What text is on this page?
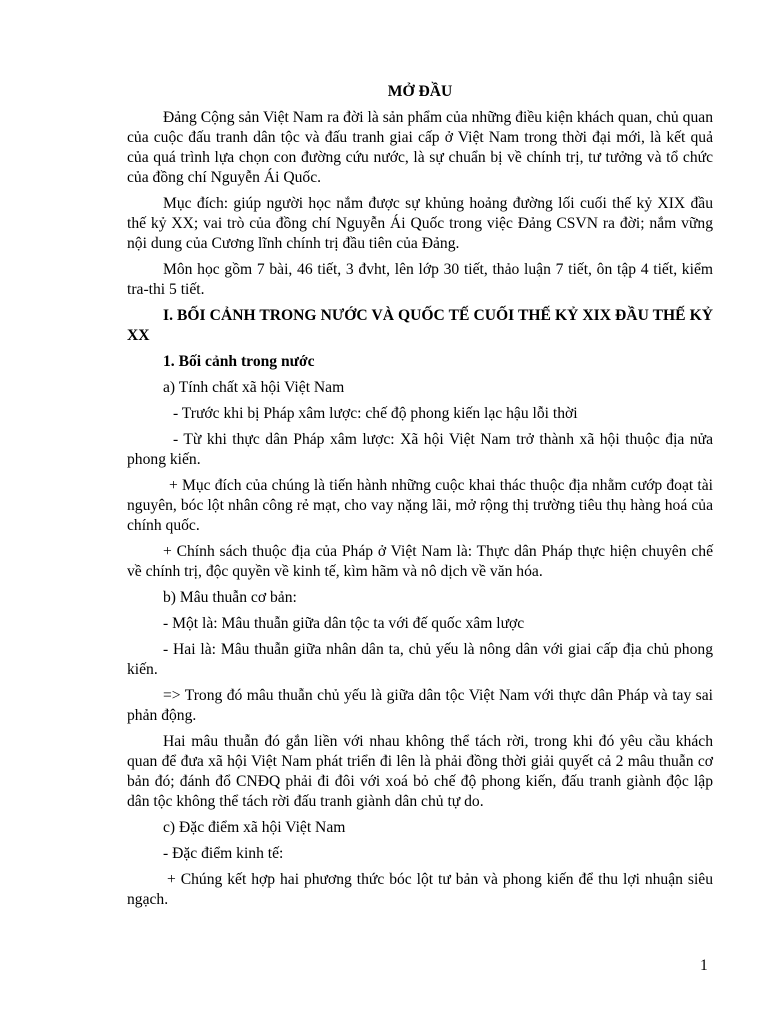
MỞ ĐẦU

Đảng Cộng sản Việt Nam ra đời là sản phẩm của những điều kiện khách quan, chủ quan của cuộc đấu tranh dân tộc và đấu tranh giai cấp ở Việt Nam trong thời đại mới, là kết quả của quá trình lựa chọn con đường cứu nước, là sự chuẩn bị về chính trị, tư tưởng và tổ chức của đồng chí Nguyễn Ái Quốc.

Mục đích: giúp người học nắm được sự khủng hoảng đường lối cuối thế kỷ XIX đầu thế kỷ XX; vai trò của đồng chí Nguyễn Ái Quốc trong việc Đảng CSVN ra đời; nắm vững nội dung của Cương lĩnh chính trị đầu tiên của Đảng.

Môn học gồm 7 bài, 46 tiết, 3 đvht, lên lớp 30 tiết, thảo luận 7 tiết, ôn tập 4 tiết, kiểm tra-thi 5 tiết.

I. BỐI CẢNH TRONG NƯỚC VÀ QUỐC TẾ CUỐI THẾ KỶ XIX ĐẦU THẾ KỶ XX

1. Bối cảnh trong nước

a) Tính chất xã hội Việt Nam

- Trước khi bị Pháp xâm lược: chế độ phong kiến lạc hậu lỗi thời

- Từ khi thực dân Pháp xâm lược: Xã hội Việt Nam trở thành xã hội thuộc địa nửa phong kiến.

+ Mục đích của chúng là tiến hành những cuộc khai thác thuộc địa nhằm cướp đoạt tài nguyên, bóc lột nhân công rẻ mạt, cho vay nặng lãi, mở rộng thị trường tiêu thụ hàng hoá của chính quốc.

+ Chính sách thuộc địa của Pháp ở Việt Nam là: Thực dân Pháp thực hiện chuyên chế về chính trị, độc quyền về kinh tế, kìm hãm và nô dịch về văn hóa.

b) Mâu thuẫn cơ bản:

- Một là: Mâu thuẫn giữa dân tộc ta với đế quốc xâm lược

- Hai là: Mâu thuẫn giữa nhân dân ta, chủ yếu là nông dân với giai cấp địa chủ phong kiến.

=> Trong đó mâu thuẫn chủ yếu là giữa dân tộc Việt Nam với thực dân Pháp và tay sai phản động.

Hai mâu thuẫn đó gắn liền với nhau không thể tách rời, trong khi đó yêu cầu khách quan để đưa xã hội Việt Nam phát triển đi lên là phải đồng thời giải quyết cả 2 mâu thuẫn cơ bản đó; đánh đổ CNĐQ phải đi đôi với xoá bỏ chế độ phong kiến, đấu tranh giành độc lập dân tộc không thể tách rời đấu tranh giành dân chủ tự do.

c) Đặc điểm xã hội Việt Nam

- Đặc điểm kinh tế:

+ Chúng kết hợp hai phương thức bóc lột tư bản và phong kiến để thu lợi nhuận siêu ngạch.

1
